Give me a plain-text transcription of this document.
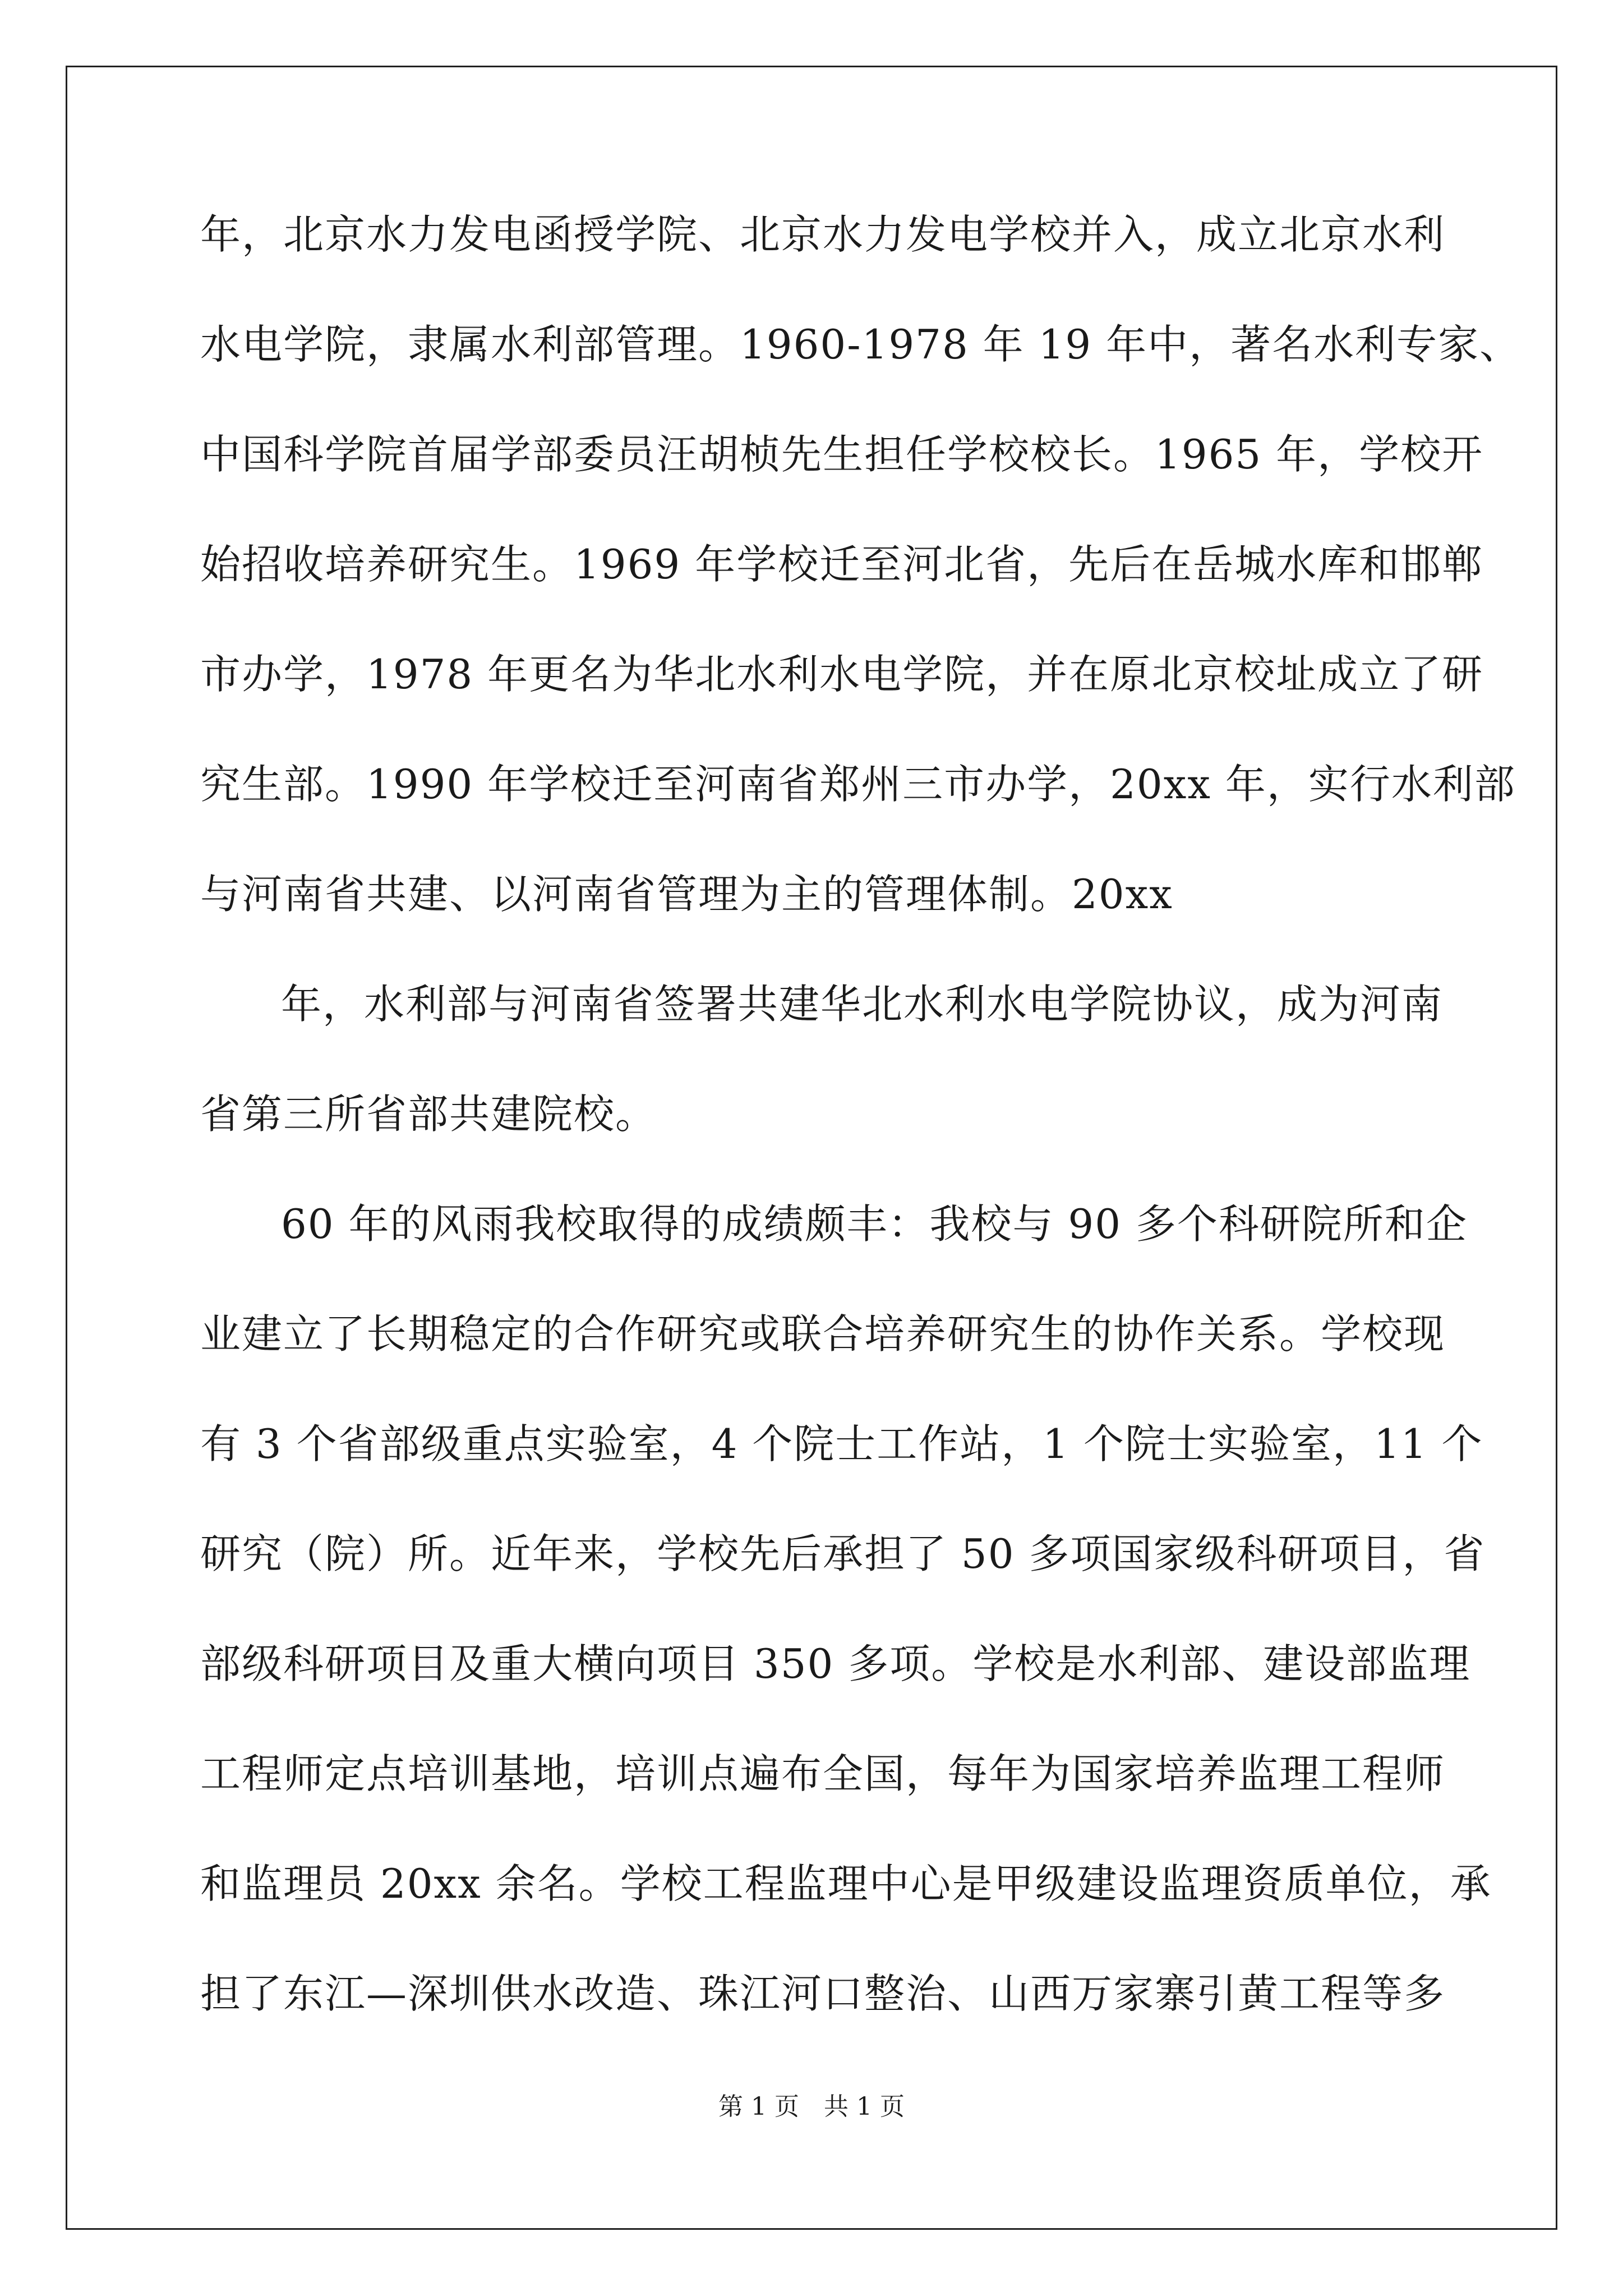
年，北京水力发电函授学院、北京水力发电学校并入，成立北京水利
水电学院，隶属水利部管理。1960-1978 年 19 年中，著名水利专家、
中国科学院首届学部委员汪胡桢先生担任学校校长。1965 年，学校开
始招收培养研究生。1969 年学校迁至河北省，先后在岳城水库和邯郸
市办学，1978 年更名为华北水利水电学院，并在原北京校址成立了研
究生部。1990 年学校迁至河南省郑州三市办学，20xx 年，实行水利部
与河南省共建、以河南省管理为主的管理体制。20xx
年，水利部与河南省签署共建华北水利水电学院协议，成为河南
省第三所省部共建院校。
60 年的风雨我校取得的成绩颇丰：我校与 90 多个科研院所和企
业建立了长期稳定的合作研究或联合培养研究生的协作关系。学校现
有 3 个省部级重点实验室，4 个院士工作站，1 个院士实验室，11 个
研究（院）所。近年来，学校先后承担了 50 多项国家级科研项目，省
部级科研项目及重大横向项目 350 多项。学校是水利部、建设部监理
工程师定点培训基地，培训点遍布全国，每年为国家培养监理工程师
和监理员 20xx 余名。学校工程监理中心是甲级建设监理资质单位，承
担了东江—深圳供水改造、珠江河口整治、山西万家寨引黄工程等多
第 1 页　共 1 页
